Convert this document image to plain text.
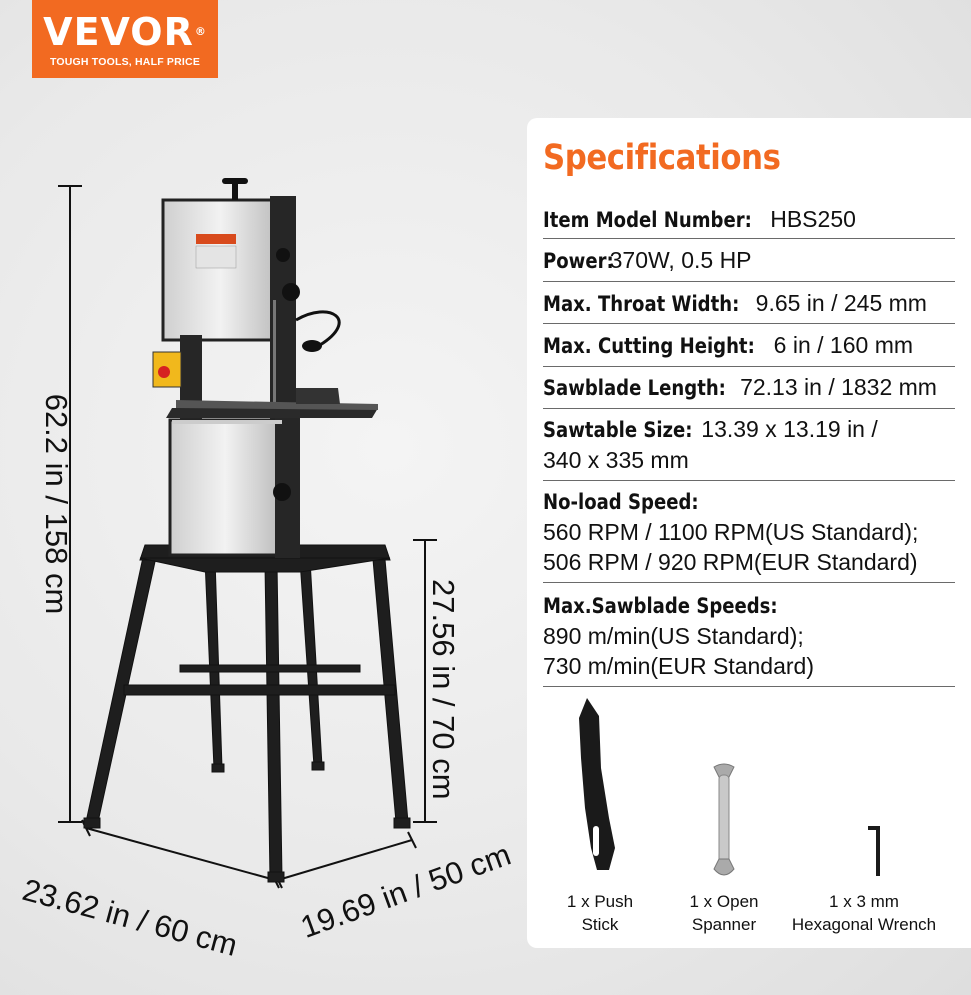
VEVOR®
TOUGH TOOLS, HALF PRICE
62.2 in / 158 cm
27.56 in / 70 cm
23.62 in / 60 cm 19.69 in / 50 cm
Specifications
Item Model Number: HBS250
Power: 370W, 0.5 HP
Max. Throat Width: 9.65 in / 245 mm
Max. Cutting Height: 6 in / 160 mm
Sawblade Length: 72.13 in / 1832 mm
Sawtable Size: 13.39 x 13.19 in /
340 x 335 mm
No-load Speed:
560 RPM / 1100 RPM(US Standard);
506 RPM / 920 RPM(EUR Standard)
Max.Sawblade Speeds:
890 m/min(US Standard);
730 m/min(EUR Standard)
1 x Push
Stick
1 x Open
Spanner
1 x 3 mm
Hexagonal Wrench
